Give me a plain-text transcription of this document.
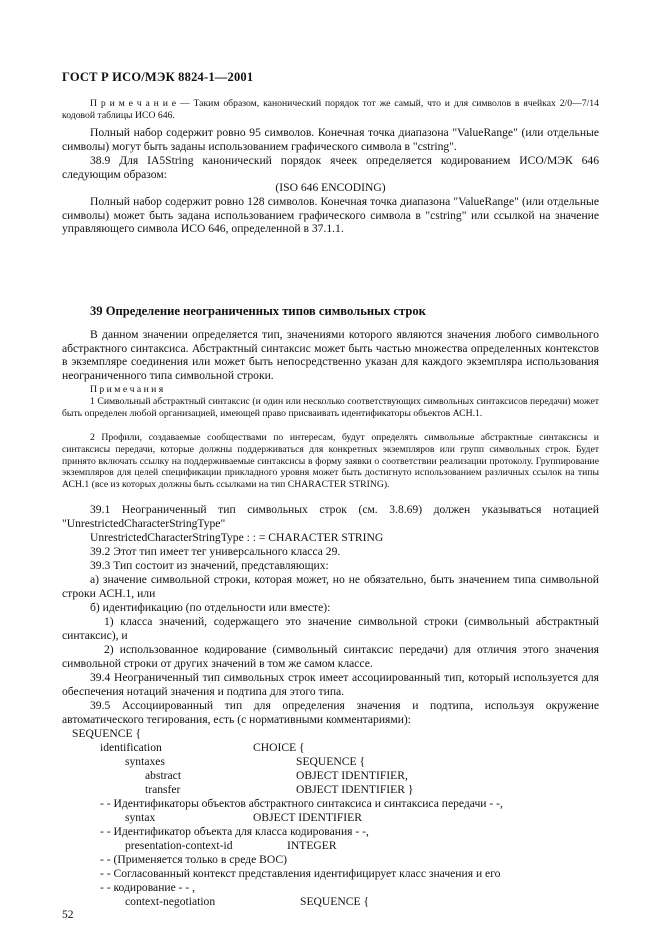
ГОСТ Р ИСО/МЭК 8824-1—2001

П р и м е ч а н и е — Таким образом, канонический порядок тот же самый, что и для символов в ячейках 2/0—7/14 кодовой таблицы ИСО 646.

Полный набор содержит ровно 95 символов. Конечная точка диапазона "ValueRange" (или отдельные символы) могут быть заданы использованием графического символа в "cstring".

38.9 Для IA5String канонический порядок ячеек определяется кодированием ИСО/МЭК 646 следующим образом:

(ISO 646 ENCODING)

Полный набор содержит ровно 128 символов. Конечная точка диапазона "ValueRange" (или отдельные символы) может быть задана использованием графического символа в "cstring" или ссылкой на значение управляющего символа ИСО 646, определенной в 37.1.1.

39 Определение неограниченных типов символьных строк

В данном значении определяется тип, значениями которого являются значения любого символьного абстрактного синтаксиса. Абстрактный синтаксис может быть частью множества определенных контекстов в экземпляре соединения или может быть непосредственно указан для каждого экземпляра использования неограниченного типа символьной строки.

П р и м е ч а н и я

1 Символьный абстрактный синтаксис (и один или несколько соответствующих символьных синтаксисов передачи) может быть определен любой организацией, имеющей право присваивать идентификаторы объектов АСН.1.

2 Профили, создаваемые сообществами по интересам, будут определять символьные абстрактные синтаксисы и синтаксисы передачи, которые должны поддерживаться для конкретных экземпляров или групп символьных строк. Будет принято включать ссылку на поддерживаемые синтаксисы в форму заявки о соответствии реализации протоколу. Группирование экземпляров для целей спецификации прикладного уровня может быть достигнуто использованием различных ссылок на типы АСН.1 (все из которых должны быть ссылками на тип CHARACTER STRING).

39.1 Неограниченный тип символьных строк (см. 3.8.69) должен указываться нотацией "UnrestrictedCharacterStringType"

UnrestrictedCharacterStringType : : = CHARACTER STRING

39.2 Этот тип имеет тег универсального класса 29.

39.3 Тип состоит из значений, представляющих:

а) значение символьной строки, которая может, но не обязательно, быть значением типа символьной строки АСН.1, или

б) идентификацию (по отдельности или вместе):

1) класса значений, содержащего это значение символьной строки (символьный абстрактный синтаксис), и

2) использованное кодирование (символьный синтаксис передачи) для отличия этого значения символьной строки от других значений в том же самом классе.

39.4 Неограниченный тип символьных строк имеет ассоциированный тип, который используется для обеспечения нотаций значения и подтипа для этого типа.

39.5 Ассоциированный тип для определения значения и подтипа, используя окружение автоматического тегирования, есть (с нормативными комментариями):

SEQUENCE {
identification	CHOICE {
syntaxes	SEQUENCE {
abstract	OBJECT IDENTIFIER,
transfer	OBJECT IDENTIFIER }
- - Идентификаторы объектов абстрактного синтаксиса и синтаксиса передачи - -,
syntax	OBJECT IDENTIFIER
- - Идентификатор объекта для класса кодирования - -,
presentation-context-id	INTEGER
- - (Применяется только в среде ВОС)
- - Согласованный контекст представления идентифицирует класс значения и его
- - кодирование - - ,
context-negotiation	SEQUENCE {
52
